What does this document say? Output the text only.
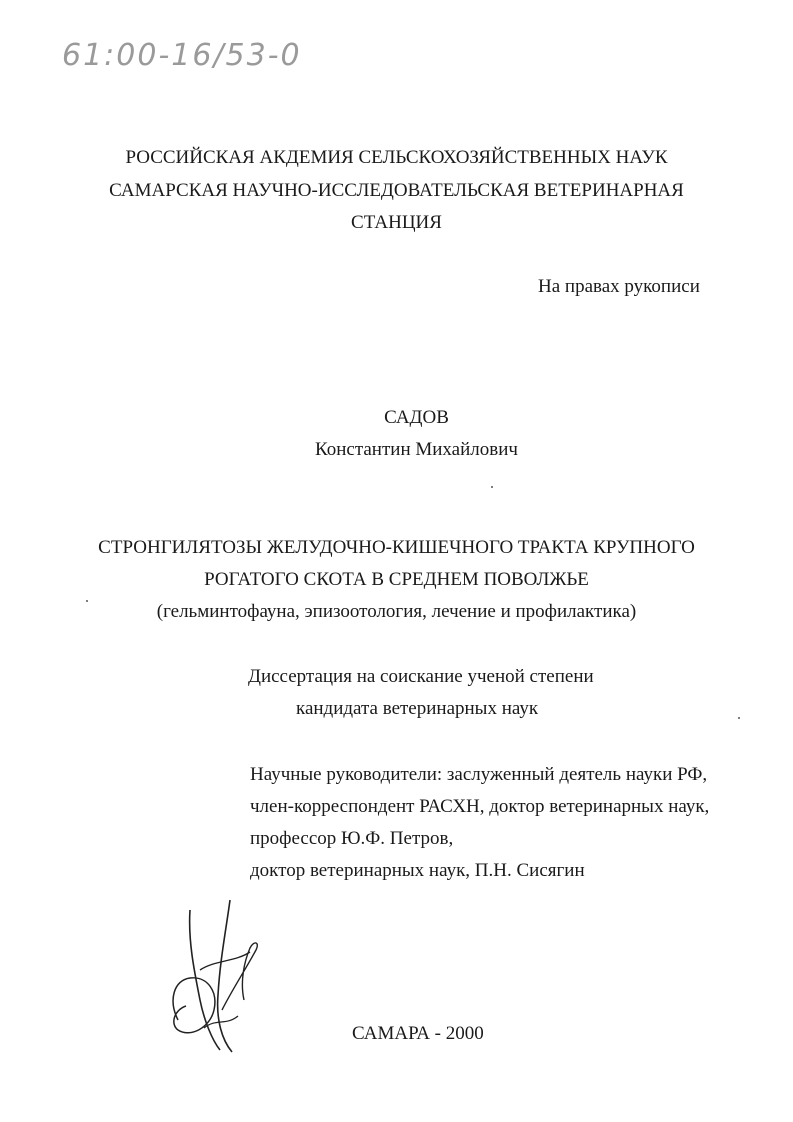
61:00-16/53-0
РОССИЙСКАЯ АКДЕМИЯ СЕЛЬСКОХОЗЯЙСТВЕННЫХ НАУК
САМАРСКАЯ НАУЧНО-ИССЛЕДОВАТЕЛЬСКАЯ ВЕТЕРИНАРНАЯ
СТАНЦИЯ
На правах рукописи
САДОВ
Константин Михайлович
СТРОНГИЛЯТОЗЫ ЖЕЛУДОЧНО-КИШЕЧНОГО ТРАКТА КРУПНОГО
РОГАТОГО СКОТА В СРЕДНЕМ ПОВОЛЖЬЕ
(гельминтофауна, эпизоотология, лечение и профилактика)
Диссертация на соискание ученой степени
кандидата ветеринарных наук
Научные руководители: заслуженный деятель науки РФ,
член-корреспондент РАСХН, доктор ветеринарных наук,
профессор Ю.Ф. Петров,
доктор ветеринарных наук, П.Н. Сисягин
САМАРА - 2000
